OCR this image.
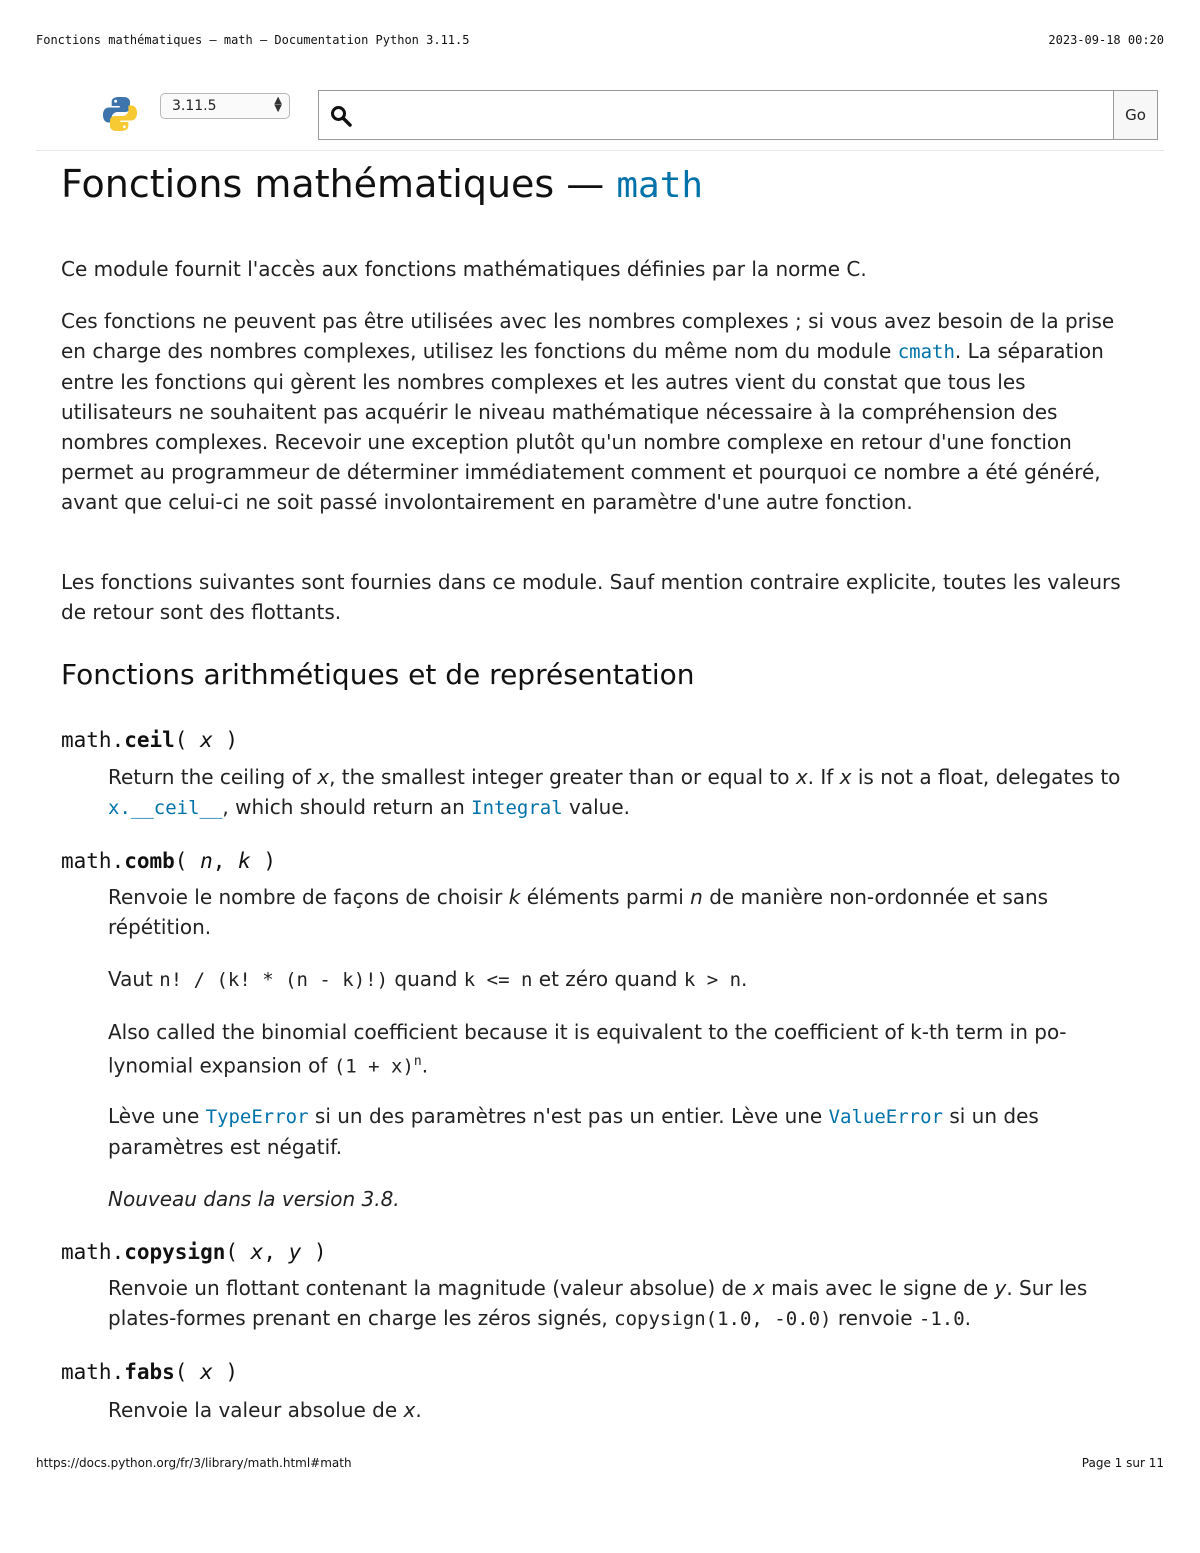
Fonctions mathématiques — math — Documentation Python 3.11.5	2023-09-18 00:20
3.11.5	▲
▼	Go
Fonctions mathématiques — math
Ce module fournit l'accès aux fonctions mathématiques définies par la norme C.
Ces fonctions ne peuvent pas être utilisées avec les nombres complexes ; si vous avez besoin de la prise en charge des nombres complexes, utilisez les fonctions du même nom du module cmath. La séparation entre les fonctions qui gèrent les nombres complexes et les autres vient du constat que tous les utilisateurs ne souhaitent pas acquérir le niveau mathématique nécessaire à la compréhension des nombres complexes. Recevoir une exception plutôt qu'un nombre complexe en retour d'une fonction permet au programmeur de déterminer immédiatement comment et pourquoi ce nombre a été généré, avant que celui-ci ne soit passé involontairement en paramètre d'une autre fonction.
Les fonctions suivantes sont fournies dans ce module. Sauf mention contraire explicite, toutes les valeurs de retour sont des flottants.
Fonctions arithmétiques et de représentation
math.ceil( x )
Return the ceiling of x, the smallest integer greater than or equal to x. If x is not a float, delegates to x.__ceil__, which should return an Integral value.
math.comb( n, k )
Renvoie le nombre de façons de choisir k éléments parmi n de manière non-ordonnée et sans répétition.
Vaut n! / (k! * (n - k)!) quand k <= n et zéro quand k > n.
Also called the binomial coefficient because it is equivalent to the coefficient of k-th term in polynomial expansion of $(1 + x)^n$.
Lève une TypeError si un des paramètres n'est pas un entier. Lève une ValueError si un des paramètres est négatif.
Nouveau dans la version 3.8.
math.copysign( x, y )
Renvoie un flottant contenant la magnitude (valeur absolue) de x mais avec le signe de y. Sur les plates-formes prenant en charge les zéros signés, copysign(1.0, -0.0) renvoie -1.0.
math.fabs( x )
Renvoie la valeur absolue de x.
https://docs.python.org/fr/3/library/math.html#math	Page 1 sur 11
